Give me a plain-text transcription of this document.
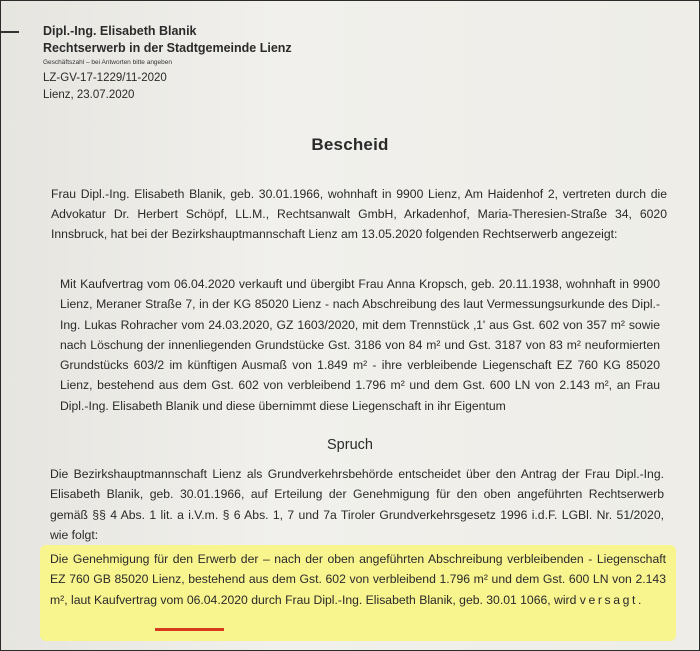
Dipl.-Ing. Elisabeth Blanik
Rechtserwerb in der Stadtgemeinde Lienz
Geschäftszahl – bei Antworten bitte angeben
LZ-GV-17-1229/11-2020
Lienz, 23.07.2020
Bescheid
Frau Dipl.-Ing. Elisabeth Blanik, geb. 30.01.1966, wohnhaft in 9900 Lienz, Am Haidenhof 2, vertreten durch die Advokatur Dr. Herbert Schöpf, LL.M., Rechtsanwalt GmbH, Arkadenhof, Maria-Theresien-Straße 34, 6020 Innsbruck, hat bei der Bezirkshauptmannschaft Lienz am 13.05.2020 folgenden Rechtserwerb angezeigt:
Mit Kaufvertrag vom 06.04.2020 verkauft und übergibt Frau Anna Kropsch, geb. 20.11.1938, wohnhaft in 9900 Lienz, Meraner Straße 7, in der KG 85020 Lienz - nach Abschreibung des laut Vermessungsurkunde des Dipl.-Ing. Lukas Rohracher vom 24.03.2020, GZ 1603/2020, mit dem Trennstück ‚1' aus Gst. 602 von 357 m² sowie nach Löschung der innenliegenden Grundstücke Gst. 3186 von 84 m² und Gst. 3187 von 83 m² neuformierten Grundstücks 603/2 im künftigen Ausmaß von 1.849 m² - ihre verbleibende Liegenschaft EZ 760 KG 85020 Lienz, bestehend aus dem Gst. 602 von verbleibend 1.796 m² und dem Gst. 600 LN von 2.143 m², an Frau Dipl.-Ing. Elisabeth Blanik und diese übernimmt diese Liegenschaft in ihr Eigentum
Spruch
Die Bezirkshauptmannschaft Lienz als Grundverkehrsbehörde entscheidet über den Antrag der Frau Dipl.-Ing. Elisabeth Blanik, geb. 30.01.1966, auf Erteilung der Genehmigung für den oben angeführten Rechtserwerb gemäß §§ 4 Abs. 1 lit. a i.V.m. § 6 Abs. 1, 7 und 7a Tiroler Grundverkehrsgesetz 1996 i.d.F. LGBl. Nr. 51/2020, wie folgt:
Die Genehmigung für den Erwerb der – nach der oben angeführten Abschreibung verbleibenden - Liegenschaft EZ 760 GB 85020 Lienz, bestehend aus dem Gst. 602 von verbleibend 1.796 m² und dem Gst. 600 LN von 2.143 m², laut Kaufvertrag vom 06.04.2020 durch Frau Dipl.-Ing. Elisabeth Blanik, geb. 30.01 1066, wird versagt.
